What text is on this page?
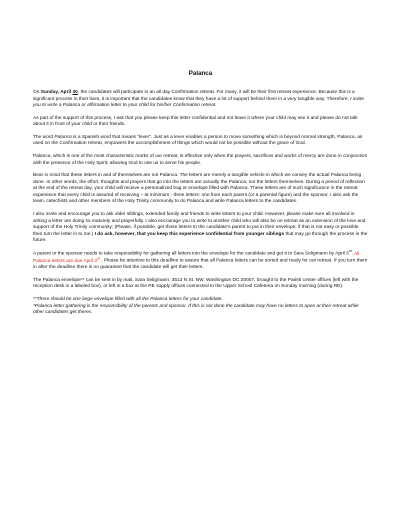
Palanca

On Sunday, April 30, the candidates will participate in an all day Confirmation retreat. For many, it will be their first retreat experience. Because this is a significant process in their lives, it is important that the candidates know that they have a lot of support behind them in a very tangible way. Therefore, I invite you to write a Palanca or affirmation letter to your child for his/her Confirmation retreat.

As part of the support of this process, I ask that you please keep this letter confidential and not leave it where your child may see it and please do not talk about it in front of your child or their friends.

The word Palanca is a Spanish word that means “lever”. Just as a lever enables a person to move something which is beyond normal strength, Palanca, as used on the Confirmation retreat, empowers the accomplishment of things which would not be possible without the grace of God.

Palanca, which is one of the most characteristic marks of our retreat, is effective only when the prayers, sacrifices and works of mercy are done in conjunction with the presence of the Holy Spirit; allowing God to use us to serve his people.

Bear in mind that these letters in and of themselves are not Palanca. The letters are merely a tangible vehicle in which we convey the actual Palanca being done. In other words, the effort, thoughts and prayers that go into the letters are actually the Palanca, not the letters themselves. During a period of reflection at the end of the retreat day, your child will receive a personalized bag or envelope filled with Palanca. These letters are of such significance in the retreat experience that every child is assured of receiving – at minimum - three letters: one from each parent (or a parental figure) and the sponsor. I also ask the team, catechists and other members of the Holy Trinity community to do Palanca and write Palanca letters to the candidates.

I also invite and encourage you to ask older siblings, extended family and friends to write letters to your child. However, please make sure all involved in writing a letter are doing so maturely and prayerfully. I also encourage you to write to another child who will also be on retreat as an extension of the love and support of the Holy Trinity community; (Please, if possible, get those letters to the candidate’s parent to put in their envelope; if that is not easy or possible then turn the letter in to me.) I do ask, however, that you keep this experience confidential from younger siblings that may go through the process in the future.

A parent or the sponsor needs to take responsibility for gathering all letters into the envelope for the candidate and get it to Sara Seligmann by April 3rd. All Palanca letters are due April 3rd . Please be attentive to this deadline to assure that all Palanca letters can be sorted and ready for our retreat. If you turn them in after the deadline there is no guarantee that the candidate will get their letters.

The Palanca envelope** can be sent in by mail, Sara Seligmann, 3513 N St. NW, Washington DC 20007, brought to the Parish center offices (left with the reception desk in a labeled box), or left in a box at the RE supply offices connected to the Upper School Cafeteria on Sunday morning (during RE).

**There should be one large envelope filled with all the Palanca letters for your candidate.

*Palanca letter gathering is the responsibility of the parents and sponsor. If this is not done the candidate may have no letters to open at their retreat while other candidates get theres.
